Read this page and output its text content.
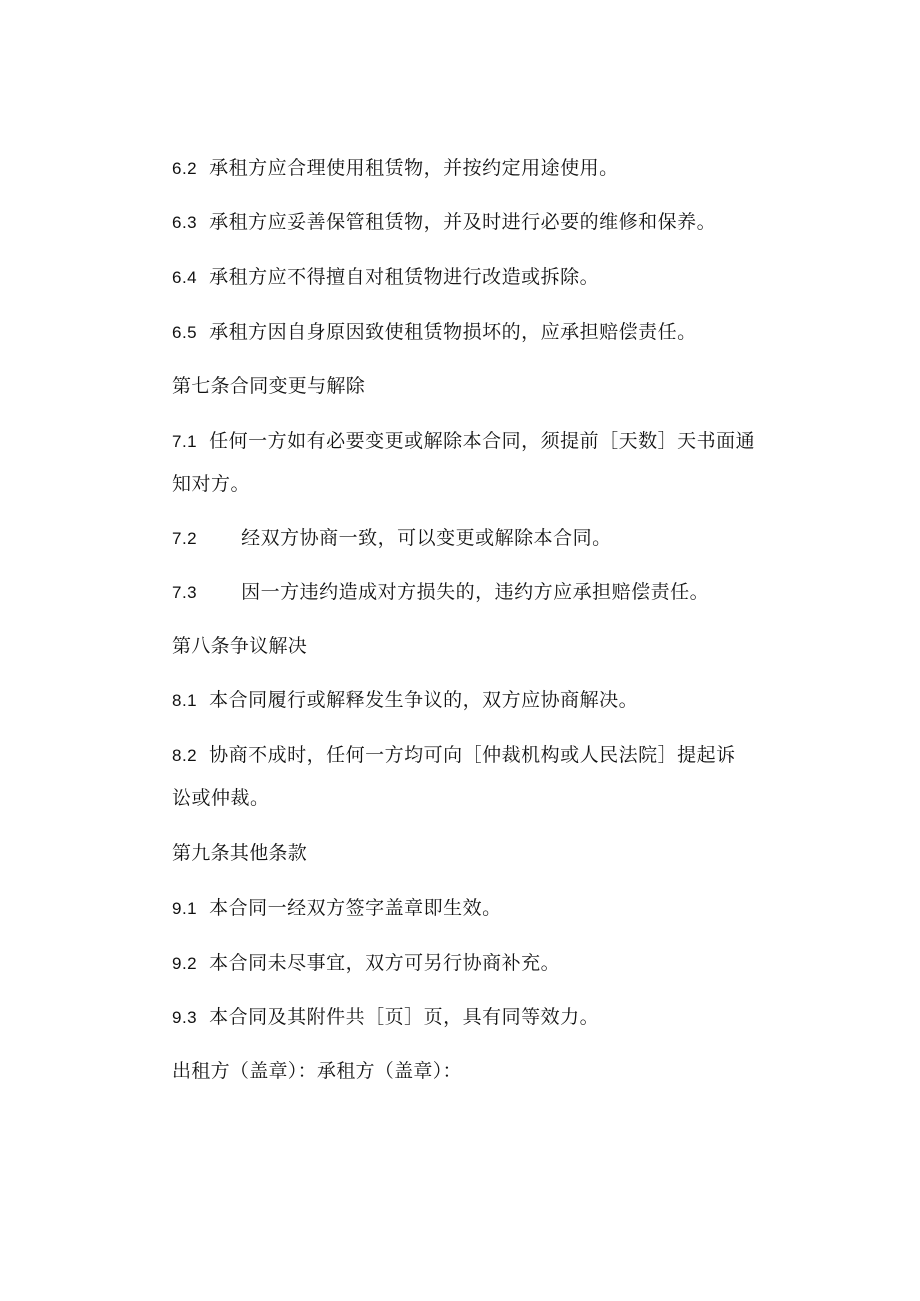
6.2 承租方应合理使用租赁物，并按约定用途使用。
6.3 承租方应妥善保管租赁物，并及时进行必要的维修和保养。
6.4 承租方应不得擅自对租赁物进行改造或拆除。
6.5 承租方因自身原因致使租赁物损坏的，应承担赔偿责任。
第七条合同变更与解除
7.1 任何一方如有必要变更或解除本合同，须提前［天数］天书面通
知对方。
7.2 经双方协商一致，可以变更或解除本合同。
7.3 因一方违约造成对方损失的，违约方应承担赔偿责任。
第八条争议解决
8.1 本合同履行或解释发生争议的，双方应协商解决。
8.2 协商不成时，任何一方均可向［仲裁机构或人民法院］提起诉
讼或仲裁。
第九条其他条款
9.1 本合同一经双方签字盖章即生效。
9.2 本合同未尽事宜，双方可另行协商补充。
9.3 本合同及其附件共［页］页，具有同等效力。
出租方（盖章）：承租方（盖章）：
